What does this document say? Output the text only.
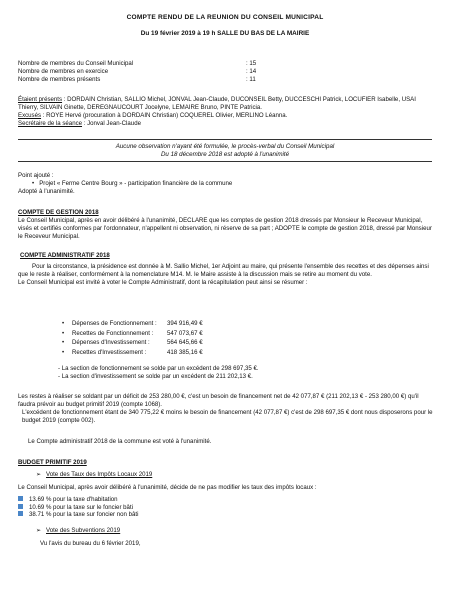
COMPTE RENDU DE LA REUNION DU CONSEIL MUNICIPAL
Du 19 février 2019 à 19 h SALLE DU BAS DE LA MAIRIE
Nombre de membres du Conseil Municipal	: 15
Nombre de membres en exercice	: 14
Nombre de membres présents	: 11

Étaient présents : DORDAIN Christian, SALLIO Michel, JONVAL Jean-Claude, DUCONSEIL Betty, DUCCESCHI Patrick, LOCUFIER Isabelle, USAI Thierry, SILVAIN Ginette, DEREGNAUCOURT Jocelyne, LEMAIRE Bruno, PINTE Patricia.

Excusés : ROYE Hervé (procuration à DORDAIN Christian) COQUEREL Olivier, MERLINO Léanna.

Secrétaire de la séance : Jonval Jean-Claude

Aucune observation n'ayant été formulée, le procès-verbal du Conseil Municipal
Du 18 décembre 2018 est adopté à l'unanimité

Point ajouté :

•   Projet « Ferme Centre Bourg » - participation financière de la commune

Adopté à l'unanimité.

COMPTE DE GESTION 2018

Le Conseil Municipal, après en avoir délibéré à l'unanimité, DECLARE que les comptes de gestion 2018 dressés par Monsieur le Receveur Municipal, visés et certifiés conformes par l'ordonnateur, n'appellent ni observation, ni réserve de sa part ; ADOPTE le compte de gestion 2018, dressé par Monsieur le Receveur Municipal.

COMPTE ADMINISTRATIF 2018

Pour la circonstance, la présidence est donnée à M. Sallio Michel, 1er Adjoint au maire, qui présente l'ensemble des recettes et des dépenses ainsi que le reste à réaliser, conformément à la nomenclature M14. M. le Maire assiste à la discussion mais se retire au moment du vote.

Le Conseil Municipal est invité à voter le Compte Administratif, dont la récapitulation peut ainsi se résumer :

• Dépenses de Fonctionnement : 394 916,49 €
• Recettes de Fonctionnement : 547 073,67 €
• Dépenses d'Investissement :	564 645,66 €
• Recettes d'Investissement :	418 385,16 €

- La section de fonctionnement se solde par un excédent de 298 697,35 €.

- La section d'investissement se solde par un excédent de 211 202,13 €.

Les restes à réaliser se soldant par un déficit de 253 280,00 €, c'est un besoin de financement net de 42 077,87 € (211 202,13 € - 253 280,00 €) qu'il faudra prévoir au budget primitif 2019 (compte 1068).

L'excédent de fonctionnement étant de 340 775,22 € moins le besoin de financement (42 077,87 €) c'est de 298 697,35 € dont nous disposerons pour le budget 2019 (compte 002).

Le Compte administratif 2018 de la commune est voté à l'unanimité.

BUDGET PRIMITIF 2019

➢ Vote des Taux des Impôts Locaux 2019

Le Conseil Municipal, après avoir délibéré à l'unanimité, décide de ne pas modifier les taux des impôts locaux :

13.69 % pour la taxe d'habitation

10.69 % pour la taxe sur le foncier bâti

38.71 % pour la taxe sur foncier non bâti

➢ Vote des Subventions 2019

Vu l'avis du bureau du 6 février 2019,
